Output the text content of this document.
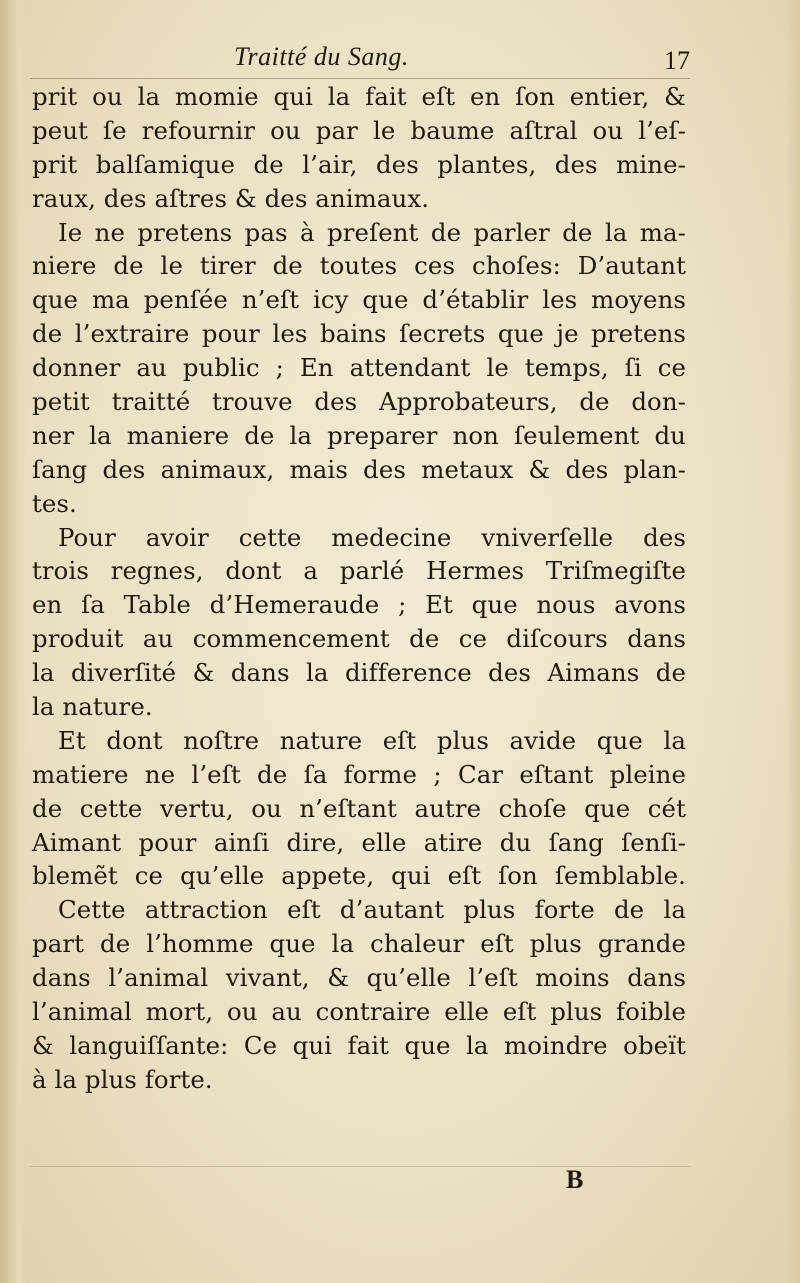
Traitté du Sang.	17
prit ou la momie qui la fait eſt en ſon entier, &
peut ſe refournir ou par le baume aſtral ou l’eſ-
prit balſamique de l’air, des plantes, des mine-
raux, des aſtres & des animaux.
Ie ne pretens pas à preſent de parler de la ma-
niere de le tirer de toutes ces choſes: D’autant
que ma penſée n’eſt icy que d’établir les moyens
de l’extraire pour les bains ſecrets que je pretens
donner au public ; En attendant le temps, ſi ce
petit traitté trouve des Approbateurs, de don-
ner la maniere de la preparer non ſeulement du
ſang des animaux, mais des metaux & des plan-
tes.
Pour avoir cette medecine vniverſelle des
trois regnes, dont a parlé Hermes Triſmegiſte
en ſa Table d’Hemeraude ; Et que nous avons
produit au commencement de ce diſcours dans
la diverſité & dans la difference des Aimans de
la nature.
Et dont noſtre nature eſt plus avide que la
matiere ne l’eſt de ſa forme ; Car eſtant pleine
de cette vertu, ou n’eſtant autre choſe que cét
Aimant pour ainſi dire, elle atire du ſang ſenſi-
blemẽt ce qu’elle appete, qui eſt ſon ſemblable.
Cette attraction eſt d’autant plus forte de la
part de l’homme que la chaleur eſt plus grande
dans l’animal vivant, & qu’elle l’eſt moins dans
l’animal mort, ou au contraire elle eſt plus foible
& languiſſante: Ce qui fait que la moindre obeït
à la plus forte.
B
